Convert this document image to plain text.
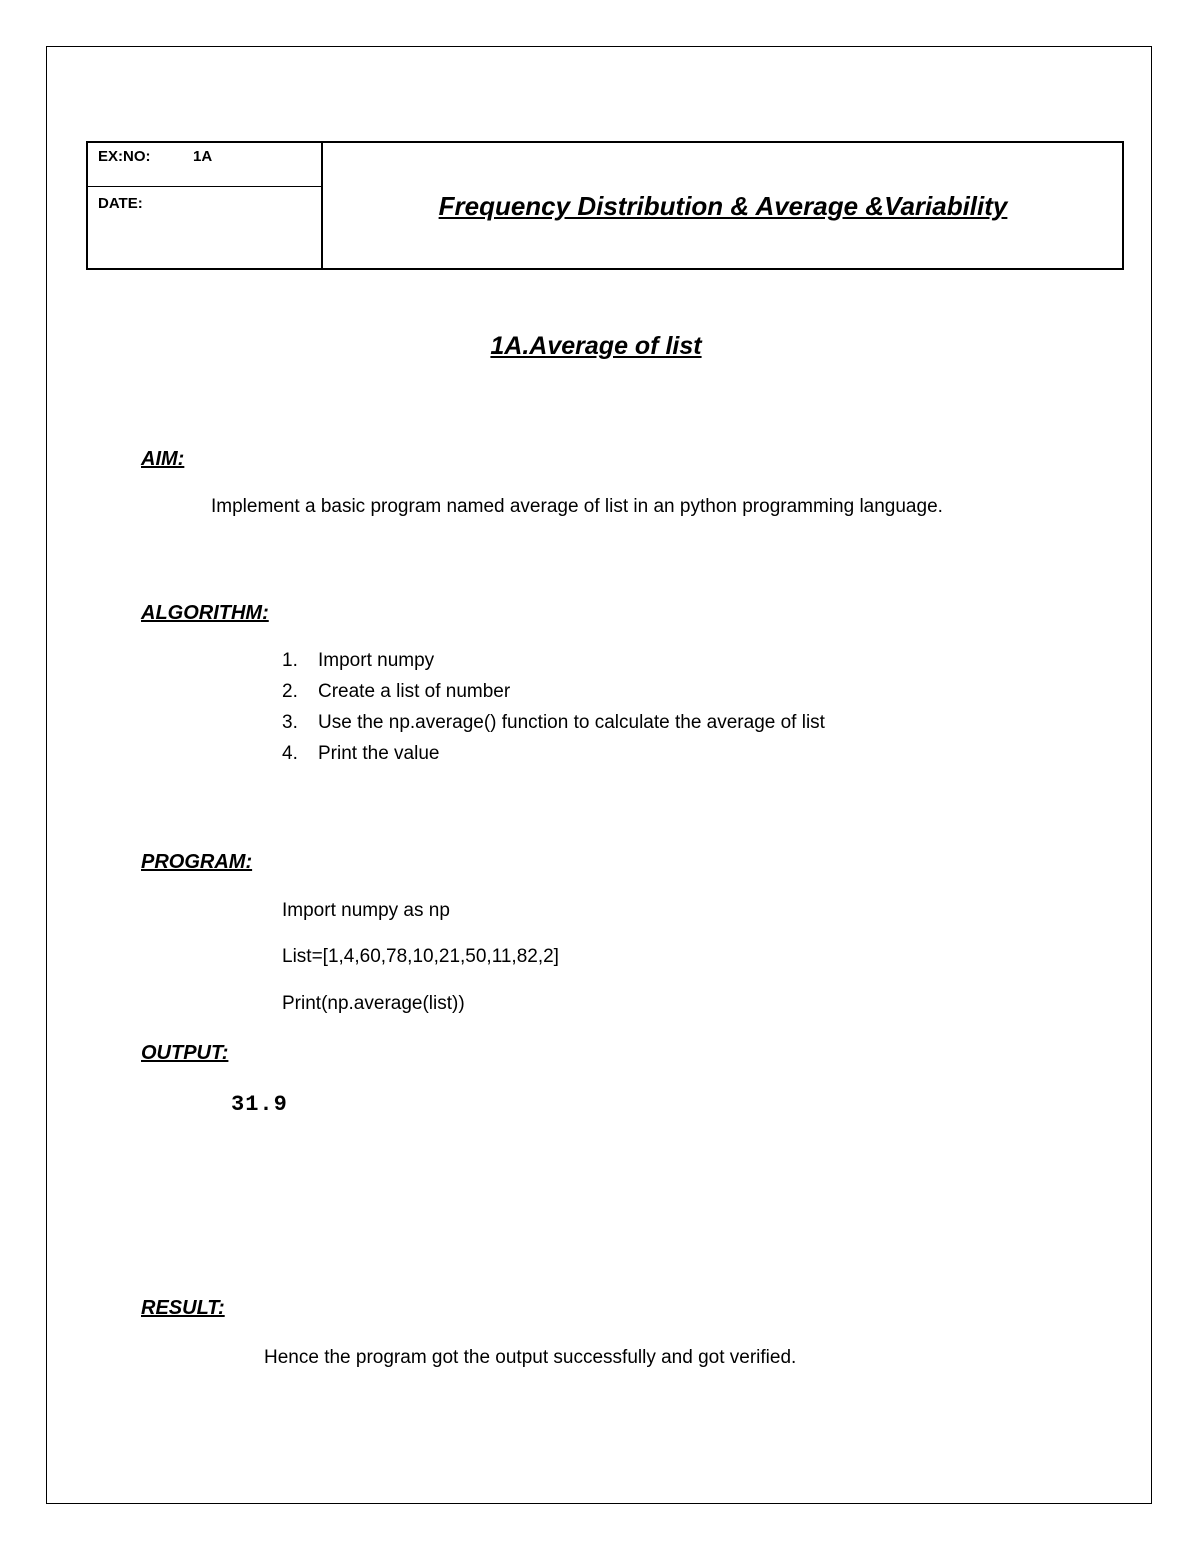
EX:NO:	1A
DATE:	Frequency Distribution & Average &Variability
1A.Average of list
AIM:
Implement a basic program named average of list in an python programming language.
ALGORITHM:
1. Import numpy
2. Create a list of number
3. Use the np.average() function to calculate the average of list
4. Print the value
PROGRAM:
Import numpy as np
List=[1,4,60,78,10,21,50,11,82,2]
Print(np.average(list))
OUTPUT:
31.9
RESULT:
Hence the program got the output successfully and got verified.
